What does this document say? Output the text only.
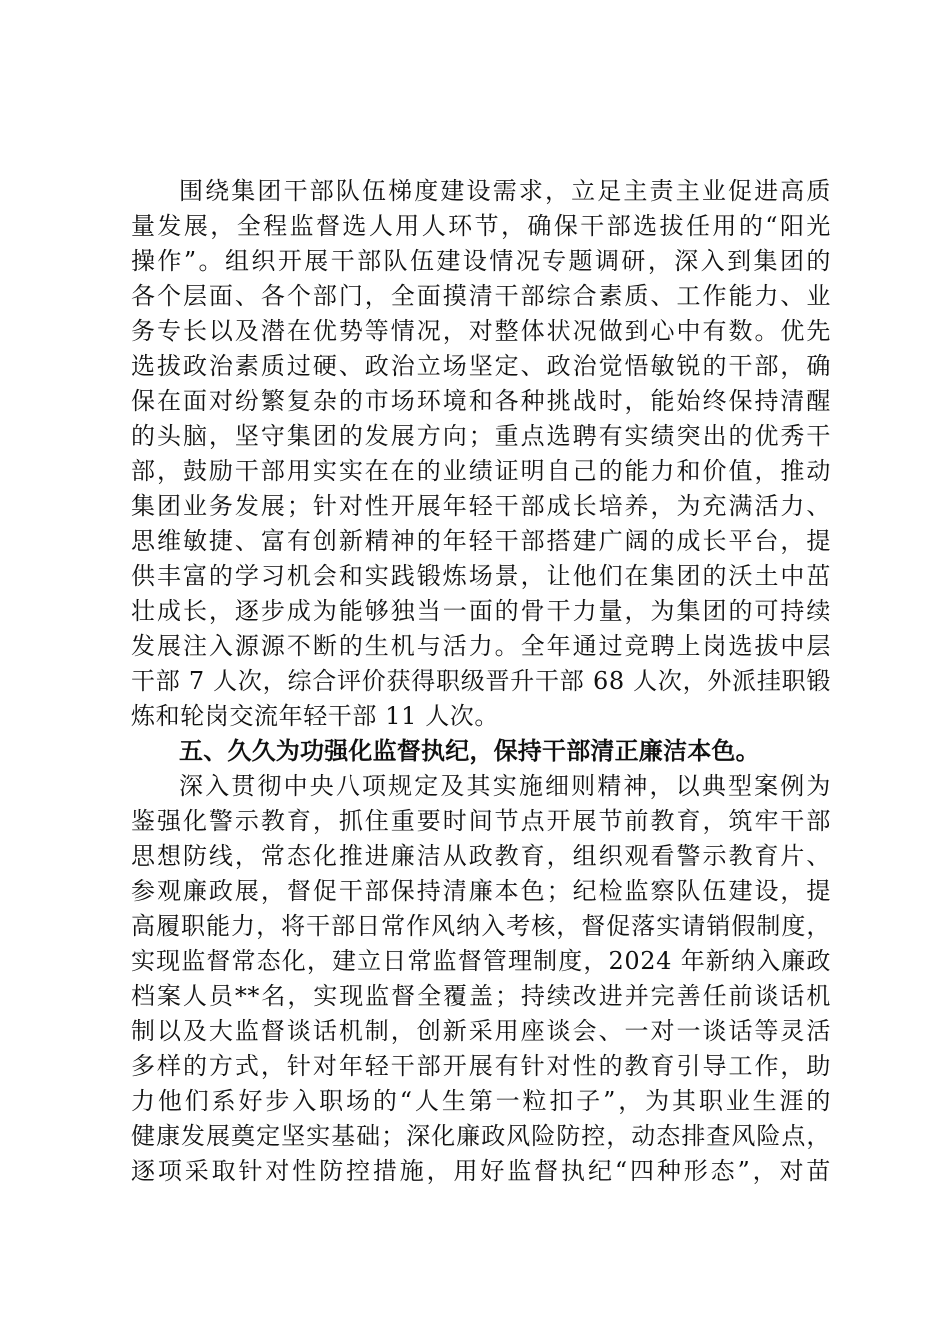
围绕集团干部队伍梯度建设需求，立足主责主业促进高质
量发展，全程监督选人用人环节，确保干部选拔任用的“阳光
操作”。组织开展干部队伍建设情况专题调研，深入到集团的
各个层面、各个部门，全面摸清干部综合素质、工作能力、业
务专长以及潜在优势等情况，对整体状况做到心中有数。优先
选拔政治素质过硬、政治立场坚定、政治觉悟敏锐的干部，确
保在面对纷繁复杂的市场环境和各种挑战时，能始终保持清醒
的头脑，坚守集团的发展方向；重点选聘有实绩突出的优秀干
部，鼓励干部用实实在在的业绩证明自己的能力和价值，推动
集团业务发展；针对性开展年轻干部成长培养，为充满活力、
思维敏捷、富有创新精神的年轻干部搭建广阔的成长平台，提
供丰富的学习机会和实践锻炼场景，让他们在集团的沃土中茁
壮成长，逐步成为能够独当一面的骨干力量，为集团的可持续
发展注入源源不断的生机与活力。全年通过竞聘上岗选拔中层
干部 7 人次，综合评价获得职级晋升干部 68 人次，外派挂职锻
炼和轮岗交流年轻干部 11 人次。
五、久久为功强化监督执纪，保持干部清正廉洁本色。
深入贯彻中央八项规定及其实施细则精神，以典型案例为
鉴强化警示教育，抓住重要时间节点开展节前教育，筑牢干部
思想防线，常态化推进廉洁从政教育，组织观看警示教育片、
参观廉政展，督促干部保持清廉本色；纪检监察队伍建设，提
高履职能力，将干部日常作风纳入考核，督促落实请销假制度，
实现监督常态化，建立日常监督管理制度，2024 年新纳入廉政
档案人员**名，实现监督全覆盖；持续改进并完善任前谈话机
制以及大监督谈话机制，创新采用座谈会、一对一谈话等灵活
多样的方式，针对年轻干部开展有针对性的教育引导工作，助
力他们系好步入职场的“人生第一粒扣子”，为其职业生涯的
健康发展奠定坚实基础；深化廉政风险防控，动态排查风险点，
逐项采取针对性防控措施，用好监督执纪“四种形态”，对苗
